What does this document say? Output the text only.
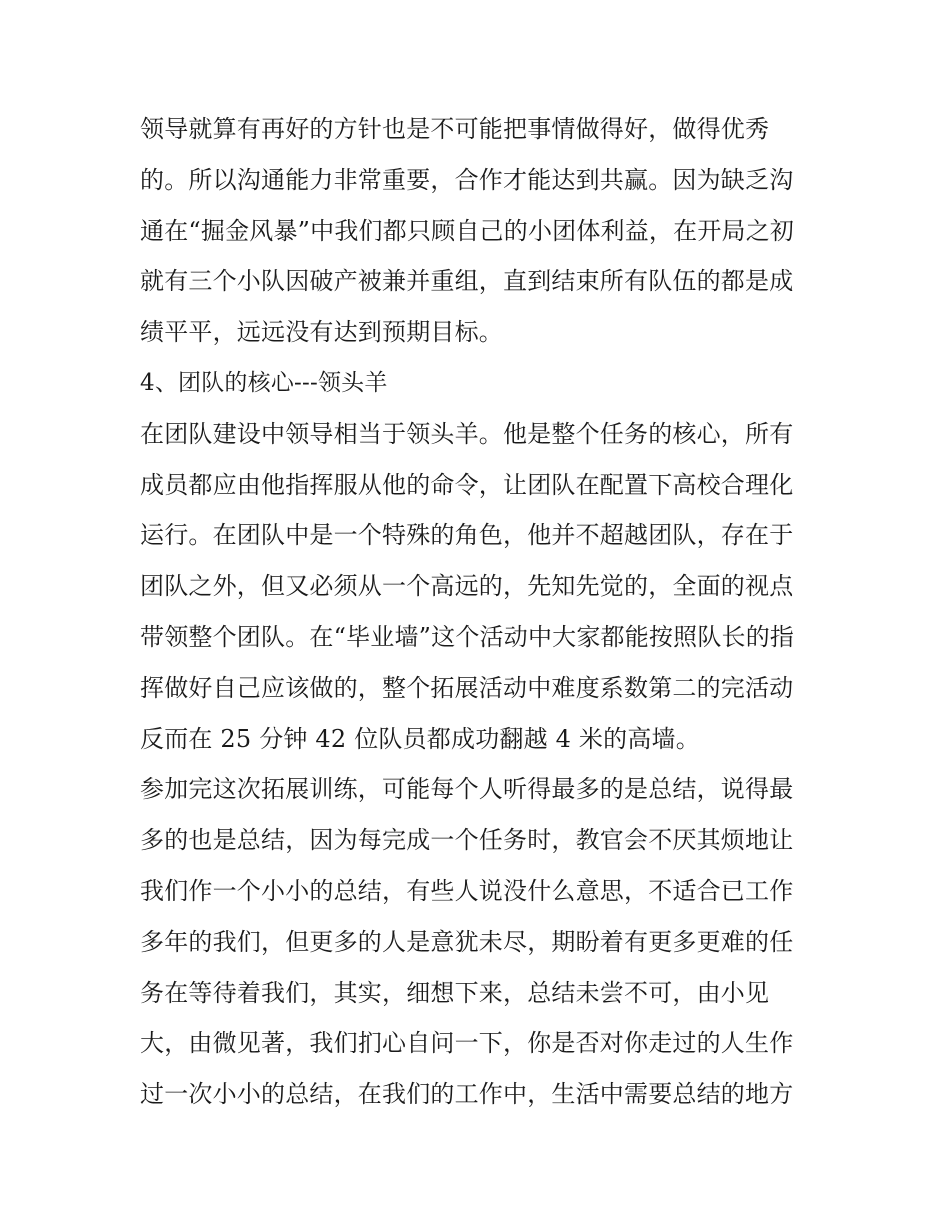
领导就算有再好的方针也是不可能把事情做得好，做得优秀
的。所以沟通能力非常重要，合作才能达到共赢。因为缺乏沟
通在“掘金风暴”中我们都只顾自己的小团体利益，在开局之初
就有三个小队因破产被兼并重组，直到结束所有队伍的都是成
绩平平，远远没有达到预期目标。
4、团队的核心---领头羊
在团队建设中领导相当于领头羊。他是整个任务的核心，所有
成员都应由他指挥服从他的命令，让团队在配置下高校合理化
运行。在团队中是一个特殊的角色，他并不超越团队，存在于
团队之外，但又必须从一个高远的，先知先觉的，全面的视点
带领整个团队。在“毕业墙”这个活动中大家都能按照队长的指
挥做好自己应该做的，整个拓展活动中难度系数第二的完活动
反而在 25 分钟 42 位队员都成功翻越 4 米的高墙。
参加完这次拓展训练，可能每个人听得最多的是总结，说得最
多的也是总结，因为每完成一个任务时，教官会不厌其烦地让
我们作一个小小的总结，有些人说没什么意思，不适合已工作
多年的我们，但更多的人是意犹未尽，期盼着有更多更难的任
务在等待着我们，其实，细想下来，总结未尝不可，由小见
大，由微见著，我们扪心自问一下，你是否对你走过的人生作
过一次小小的总结，在我们的工作中，生活中需要总结的地方
